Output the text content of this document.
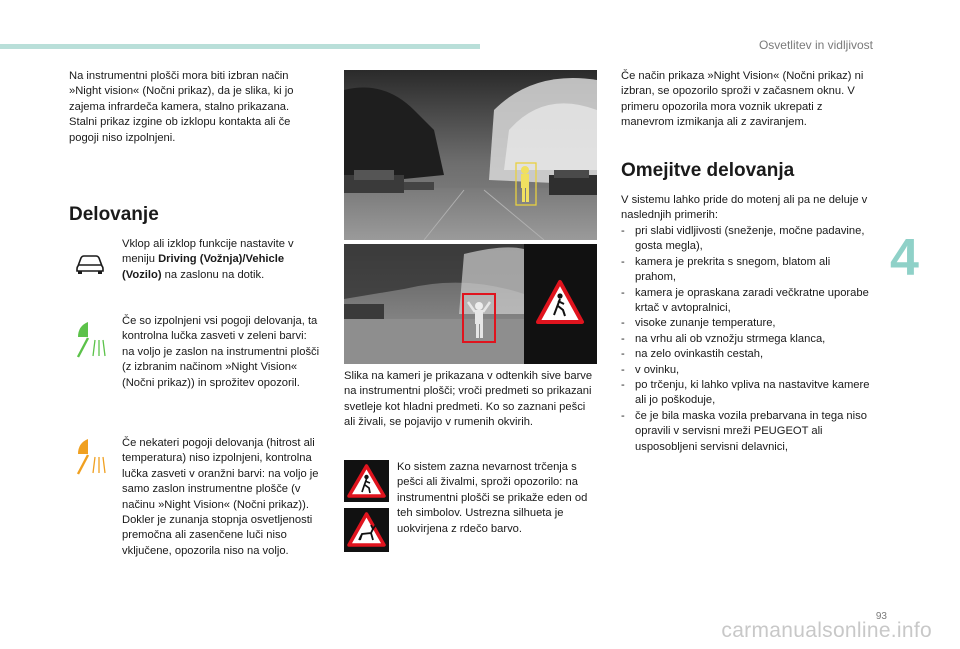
Osvetlitev in vidljivost
4

Na instrumentni plošči mora biti izbran način »Night vision« (Nočni prikaz), da je slika, ki jo zajema infrardeča kamera, stalno prikazana. Stalni prikaz izgine ob izklopu kontakta ali če pogoji niso izpolnjeni.

Delovanje

Vklop ali izklop funkcije nastavite v meniju Driving (Vožnja)/Vehicle (Vozilo) na zaslonu na dotik.

Če so izpolnjeni vsi pogoji delovanja, ta kontrolna lučka zasveti v zeleni barvi: na voljo je zaslon na instrumentni plošči (z izbranim načinom »Night Vision« (Nočni prikaz)) in sprožitev opozoril.

Če nekateri pogoji delovanja (hitrost ali temperatura) niso izpolnjeni, kontrolna lučka zasveti v oranžni barvi: na voljo je samo zaslon instrumentne plošče (v načinu »Night Vision« (Nočni prikaz)). Dokler je zunanja stopnja osvetljenosti premočna ali zasenčene luči niso vključene, opozorila niso na voljo.

Slika na kameri je prikazana v odtenkih sive barve na instrumentni plošči; vroči predmeti so prikazani svetleje kot hladni predmeti. Ko so zaznani pešci ali živali, se pojavijo v rumenih okvirih.

Ko sistem zazna nevarnost trčenja s pešci ali živalmi, sproži opozorilo: na instrumentni plošči se prikaže eden od teh simbolov. Ustrezna silhueta je uokvirjena z rdečo barvo.

Če način prikaza »Night Vision« (Nočni prikaz) ni izbran, se opozorilo sproži v začasnem oknu. V primeru opozorila mora voznik ukrepati z manevrom izmikanja ali z zaviranjem.

Omejitve delovanja

V sistemu lahko pride do motenj ali pa ne deluje v naslednjih primerih:

- pri slabi vidljivosti (sneženje, močne padavine, gosta megla),
- kamera je prekrita s snegom, blatom ali prahom,
- kamera je opraskana zaradi večkratne uporabe krtač v avtopralnici,
- visoke zunanje temperature,
- na vrhu ali ob vznožju strmega klanca,
- na zelo ovinkastih cestah,
- v ovinku,
- po trčenju, ki lahko vpliva na nastavitve kamere ali jo poškoduje,
- če je bila maska vozila prebarvana in tega niso opravili v servisni mreži PEUGEOT ali usposobljeni servisni delavnici,
93
carmanualsonline.info
